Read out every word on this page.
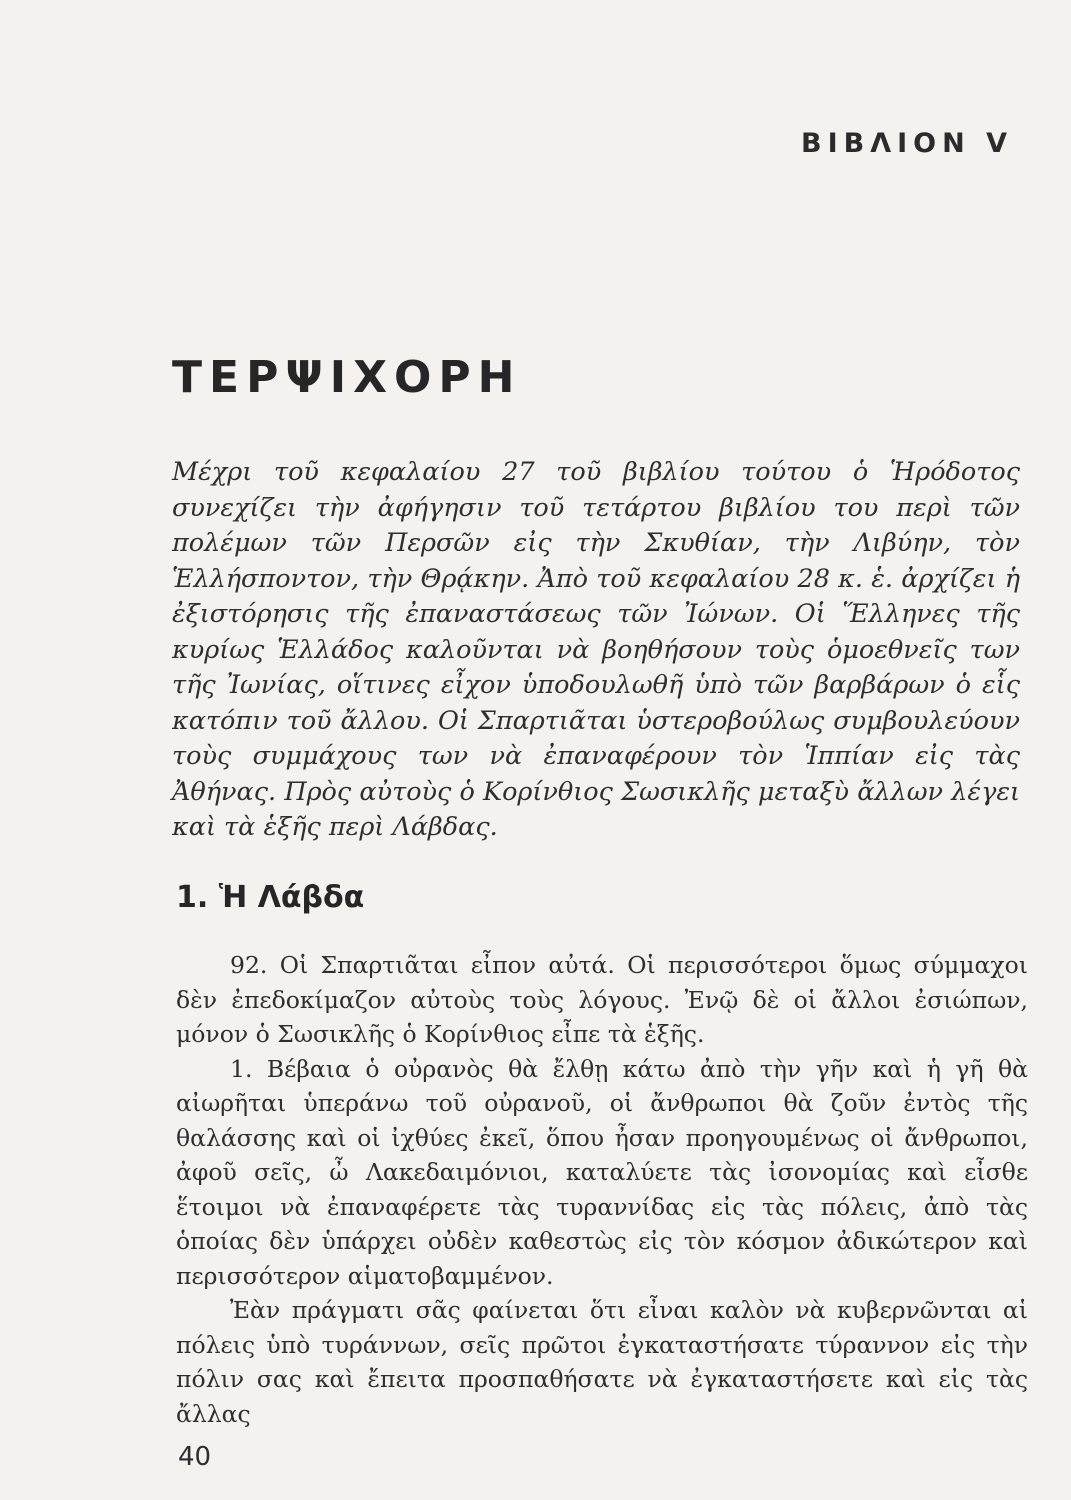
ΒΙΒΛΙΟΝ V
ΤΕΡΨΙΧΟΡΗ

Μέχρι τοῦ κεφαλαίου 27 τοῦ βιβλίου τούτου ὁ Ἡρόδοτος συνεχίζει τὴν ἀφήγησιν τοῦ τετάρτου βιβλίου του περὶ τῶν πολέμων τῶν Περσῶν εἰς τὴν Σκυθίαν, τὴν Λιβύην, τὸν Ἑλλήσποντον, τὴν Θρᾴκην. Ἀπὸ τοῦ κεφαλαίου 28 κ. ἑ. ἀρχίζει ἡ ἐξιστόρησις τῆς ἐπαναστάσεως τῶν Ἰώνων. Οἱ Ἕλληνες τῆς κυρίως Ἑλλάδος καλοῦνται νὰ βοηθήσουν τοὺς ὁμοεθνεῖς των τῆς Ἰωνίας, οἵτινες εἶχον ὑποδουλωθῆ ὑπὸ τῶν βαρβάρων ὁ εἷς κατόπιν τοῦ ἄλλου. Οἱ Σπαρτιᾶται ὑστεροβούλως συμβουλεύουν τοὺς συμμάχους των νὰ ἐπαναφέρουν τὸν Ἱππίαν εἰς τὰς Ἀθήνας. Πρὸς αὐτοὺς ὁ Κορίνθιος Σωσικλῆς μεταξὺ ἄλλων λέγει καὶ τὰ ἑξῆς περὶ Λάβδας.

1. Ἡ Λάβδα

92. Οἱ Σπαρτιᾶται εἶπον αὐτά. Οἱ περισσότεροι ὅμως σύμμαχοι δὲν ἐπεδοκίμαζον αὐτοὺς τοὺς λόγους. Ἐνῷ δὲ οἱ ἄλλοι ἐσιώπων, μόνον ὁ Σωσικλῆς ὁ Κορίνθιος εἶπε τὰ ἑξῆς.

1. Βέβαια ὁ οὐρανὸς θὰ ἔλθῃ κάτω ἀπὸ τὴν γῆν καὶ ἡ γῆ θὰ αἰωρῆται ὑπεράνω τοῦ οὐρανοῦ, οἱ ἄνθρωποι θὰ ζοῦν ἐντὸς τῆς θαλάσσης καὶ οἱ ἰχθύες ἐκεῖ, ὅπου ἦσαν προηγουμένως οἱ ἄνθρωποι, ἀφοῦ σεῖς, ὦ Λακεδαιμόνιοι, καταλύετε τὰς ἰσονομίας καὶ εἶσθε ἕτοιμοι νὰ ἐπαναφέρετε τὰς τυραννίδας εἰς τὰς πόλεις, ἀπὸ τὰς ὁποίας δὲν ὑπάρχει οὐδὲν καθεστὼς εἰς τὸν κόσμον ἀδικώτερον καὶ περισσότερον αἱματοβαμμένον.

Ἐὰν πράγματι σᾶς φαίνεται ὅτι εἶναι καλὸν νὰ κυβερνῶνται αἱ πόλεις ὑπὸ τυράννων, σεῖς πρῶτοι ἐγκαταστήσατε τύραννον εἰς τὴν πόλιν σας καὶ ἔπειτα προσπαθήσατε νὰ ἐγκαταστήσετε καὶ εἰς τὰς ἄλλας

40
